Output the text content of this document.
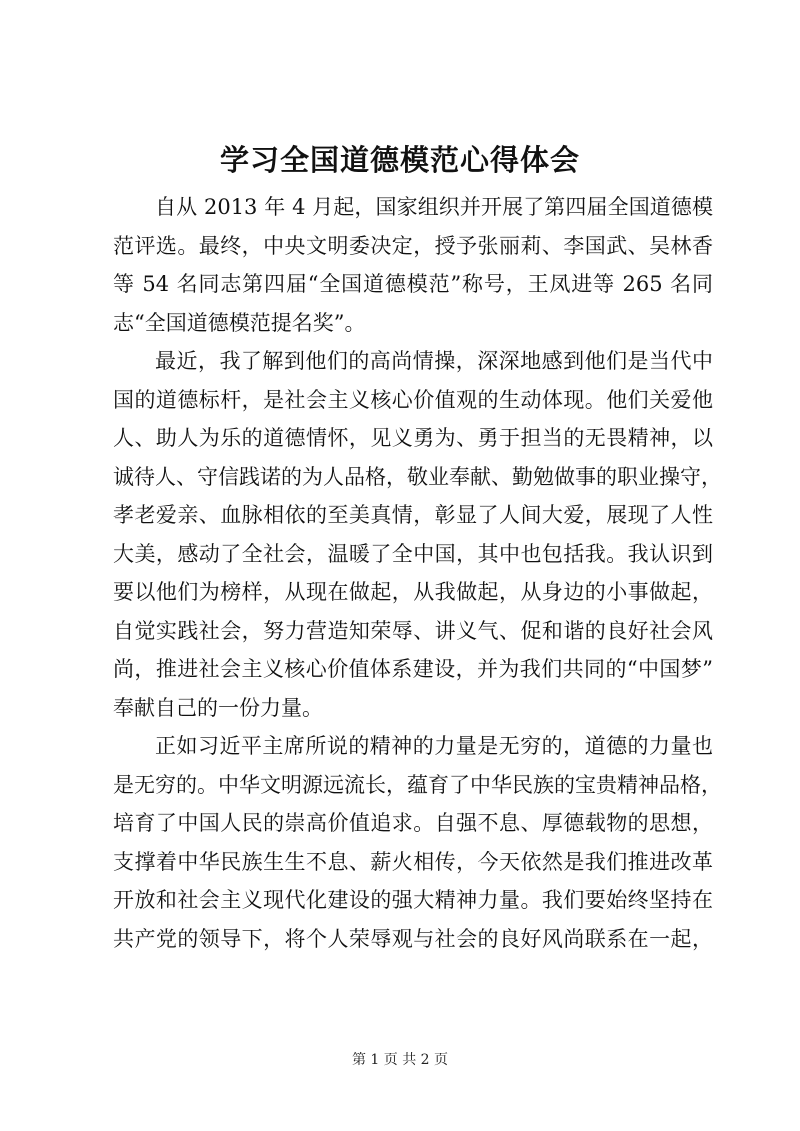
学习全国道德模范心得体会
自从 2013 年 4 月起，国家组织并开展了第四届全国道德模
范评选。最终，中央文明委决定，授予张丽莉、李国武、吴林香
等 54 名同志第四届“全国道德模范”称号，王凤进等 265 名同
志“全国道德模范提名奖”。
最近，我了解到他们的高尚情操，深深地感到他们是当代中
国的道德标杆，是社会主义核心价值观的生动体现。他们关爱他
人、助人为乐的道德情怀，见义勇为、勇于担当的无畏精神，以
诚待人、守信践诺的为人品格，敬业奉献、勤勉做事的职业操守，
孝老爱亲、血脉相依的至美真情，彰显了人间大爱，展现了人性
大美，感动了全社会，温暖了全中国，其中也包括我。我认识到
要以他们为榜样，从现在做起，从我做起，从身边的小事做起，
自觉实践社会，努力营造知荣辱、讲义气、促和谐的良好社会风
尚，推进社会主义核心价值体系建设，并为我们共同的“中国梦”
奉献自己的一份力量。
正如习近平主席所说的精神的力量是无穷的，道德的力量也
是无穷的。中华文明源远流长，蕴育了中华民族的宝贵精神品格，
培育了中国人民的崇高价值追求。自强不息、厚德载物的思想，
支撑着中华民族生生不息、薪火相传，今天依然是我们推进改革
开放和社会主义现代化建设的强大精神力量。我们要始终坚持在
共产党的领导下，将个人荣辱观与社会的良好风尚联系在一起，
第 1 页 共 2 页
